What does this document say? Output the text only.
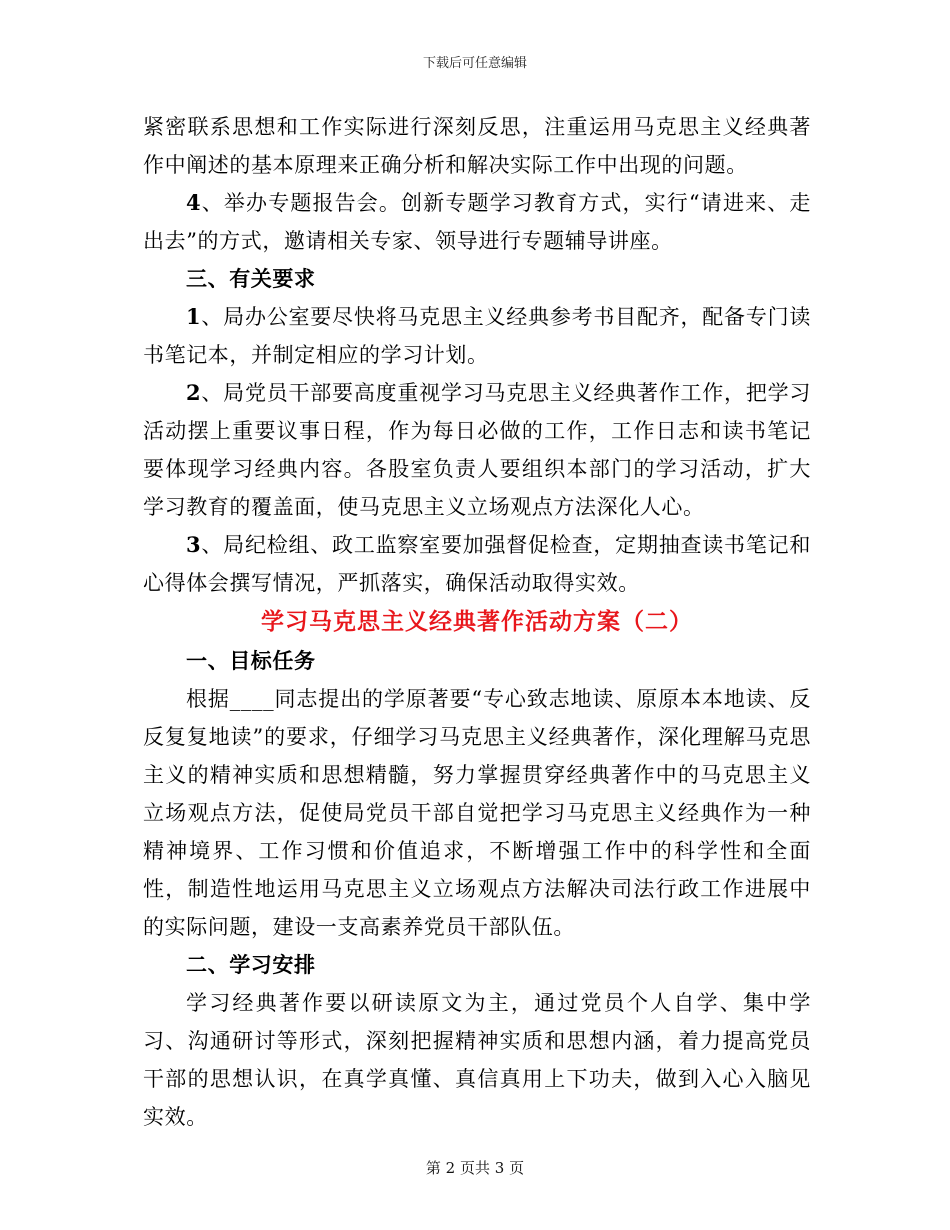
下载后可任意编辑

紧密联系思想和工作实际进行深刻反思，注重运用马克思主义经典著作中阐述的基本原理来正确分析和解决实际工作中出现的问题。

4、举办专题报告会。创新专题学习教育方式，实行“请进来、走出去”的方式，邀请相关专家、领导进行专题辅导讲座。

三、有关要求

1、局办公室要尽快将马克思主义经典参考书目配齐，配备专门读书笔记本，并制定相应的学习计划。

2、局党员干部要高度重视学习马克思主义经典著作工作，把学习活动摆上重要议事日程，作为每日必做的工作，工作日志和读书笔记要体现学习经典内容。各股室负责人要组织本部门的学习活动，扩大学习教育的覆盖面，使马克思主义立场观点方法深化人心。

3、局纪检组、政工监察室要加强督促检查，定期抽查读书笔记和心得体会撰写情况，严抓落实，确保活动取得实效。

学习马克思主义经典著作活动方案（二）

一、目标任务

根据____同志提出的学原著要“专心致志地读、原原本本地读、反反复复地读”的要求，仔细学习马克思主义经典著作，深化理解马克思主义的精神实质和思想精髓，努力掌握贯穿经典著作中的马克思主义立场观点方法，促使局党员干部自觉把学习马克思主义经典作为一种精神境界、工作习惯和价值追求，不断增强工作中的科学性和全面性，制造性地运用马克思主义立场观点方法解决司法行政工作进展中的实际问题，建设一支高素养党员干部队伍。

二、学习安排

学习经典著作要以研读原文为主，通过党员个人自学、集中学习、沟通研讨等形式，深刻把握精神实质和思想内涵，着力提高党员干部的思想认识，在真学真懂、真信真用上下功夫，做到入心入脑见实效。

第 2 页共 3 页
